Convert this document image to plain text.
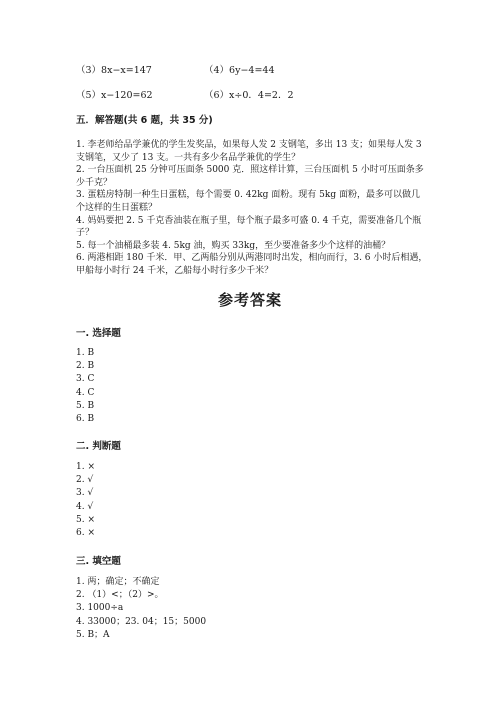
（3）8x−x=147	（4）6y−4=44
（5）x−120=62	（6）x÷0．4=2．2
五．解答题(共 6 题，共 35 分)

1. 李老师给品学兼优的学生发奖品，如果每人发 2 支钢笔，多出 13 支；如果每人发 3 支钢笔，又少了 13 支。一共有多少名品学兼优的学生？

2. 一台压面机 25 分钟可压面条 5000 克．照这样计算，三台压面机 5 小时可压面条多少千克？

3. 蛋糕房特制一种生日蛋糕，每个需要 0. 42kg 面粉。现有 5kg 面粉，最多可以做几个这样的生日蛋糕？

4. 妈妈要把 2. 5 千克香油装在瓶子里，每个瓶子最多可盛 0. 4 千克，需要准备几个瓶子？

5. 每一个油桶最多装 4. 5kg 油，购买 33kg，至少要准备多少个这样的油桶？

6. 两港相距 180 千米．甲、乙两船分别从两港同时出发，相向而行，3. 6 小时后相遇，甲船每小时行 24 千米，乙船每小时行多少千米？

参考答案
一. 选择题
1. B
2. B
3. C
4. C
5. B
6. B
二. 判断题
1. ×
2. √
3. √
4. √
5. ×
6. ×
三. 填空题
1. 两；确定；不确定
2. （1）<；（2）>。
3. 1000÷a
4. 33000；23. 04；15；5000
5. B；A
